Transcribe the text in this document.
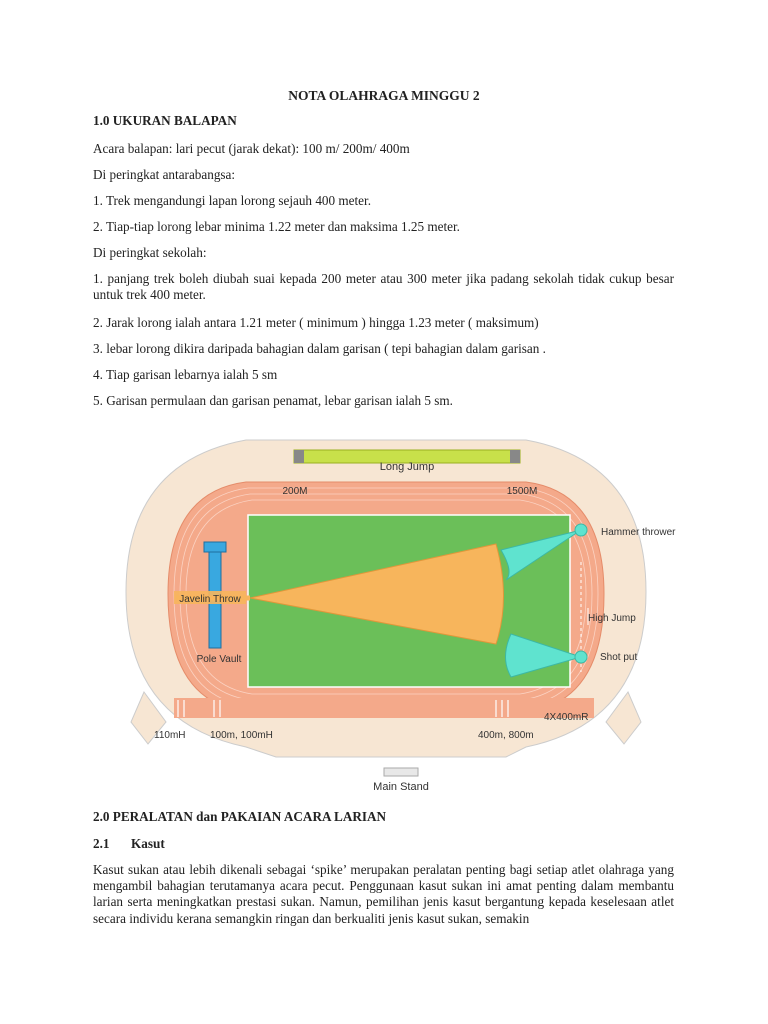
NOTA OLAHRAGA MINGGU 2
1.0 UKURAN BALAPAN
Acara balapan: lari pecut (jarak dekat): 100 m/ 200m/ 400m
Di peringkat antarabangsa:
1. Trek mengandungi lapan lorong sejauh 400 meter.
2. Tiap-tiap lorong lebar minima 1.22 meter dan maksima 1.25 meter.
Di peringkat sekolah:
1. panjang trek boleh diubah suai kepada 200 meter atau 300 meter jika padang sekolah tidak cukup besar untuk trek 400 meter.
2. Jarak lorong ialah antara 1.21 meter ( minimum ) hingga 1.23 meter ( maksimum)
3. lebar lorong dikira daripada bahagian dalam garisan ( tepi bahagian dalam garisan .
4. Tiap garisan lebarnya ialah 5 sm
5. Garisan permulaan dan garisan penamat, lebar garisan ialah 5 sm.
Long Jump
200M	1500M
Pole Vault
Hammer thrower
Javelin Throw
High Jump
Shot put
4X400mR
110mH 100m, 100mH	400m, 800m
Main Stand
2.0 PERALATAN dan PAKAIAN ACARA LARIAN
2.1 Kasut
Kasut sukan atau lebih dikenali sebagai ‘spike’ merupakan peralatan penting bagi setiap atlet olahraga yang mengambil bahagian terutamanya acara pecut. Penggunaan kasut sukan ini amat penting dalam membantu larian serta meningkatkan prestasi sukan. Namun, pemilihan jenis kasut bergantung kepada keselesaan atlet secara individu kerana semangkin ringan dan berkualiti jenis kasut sukan, semakin
